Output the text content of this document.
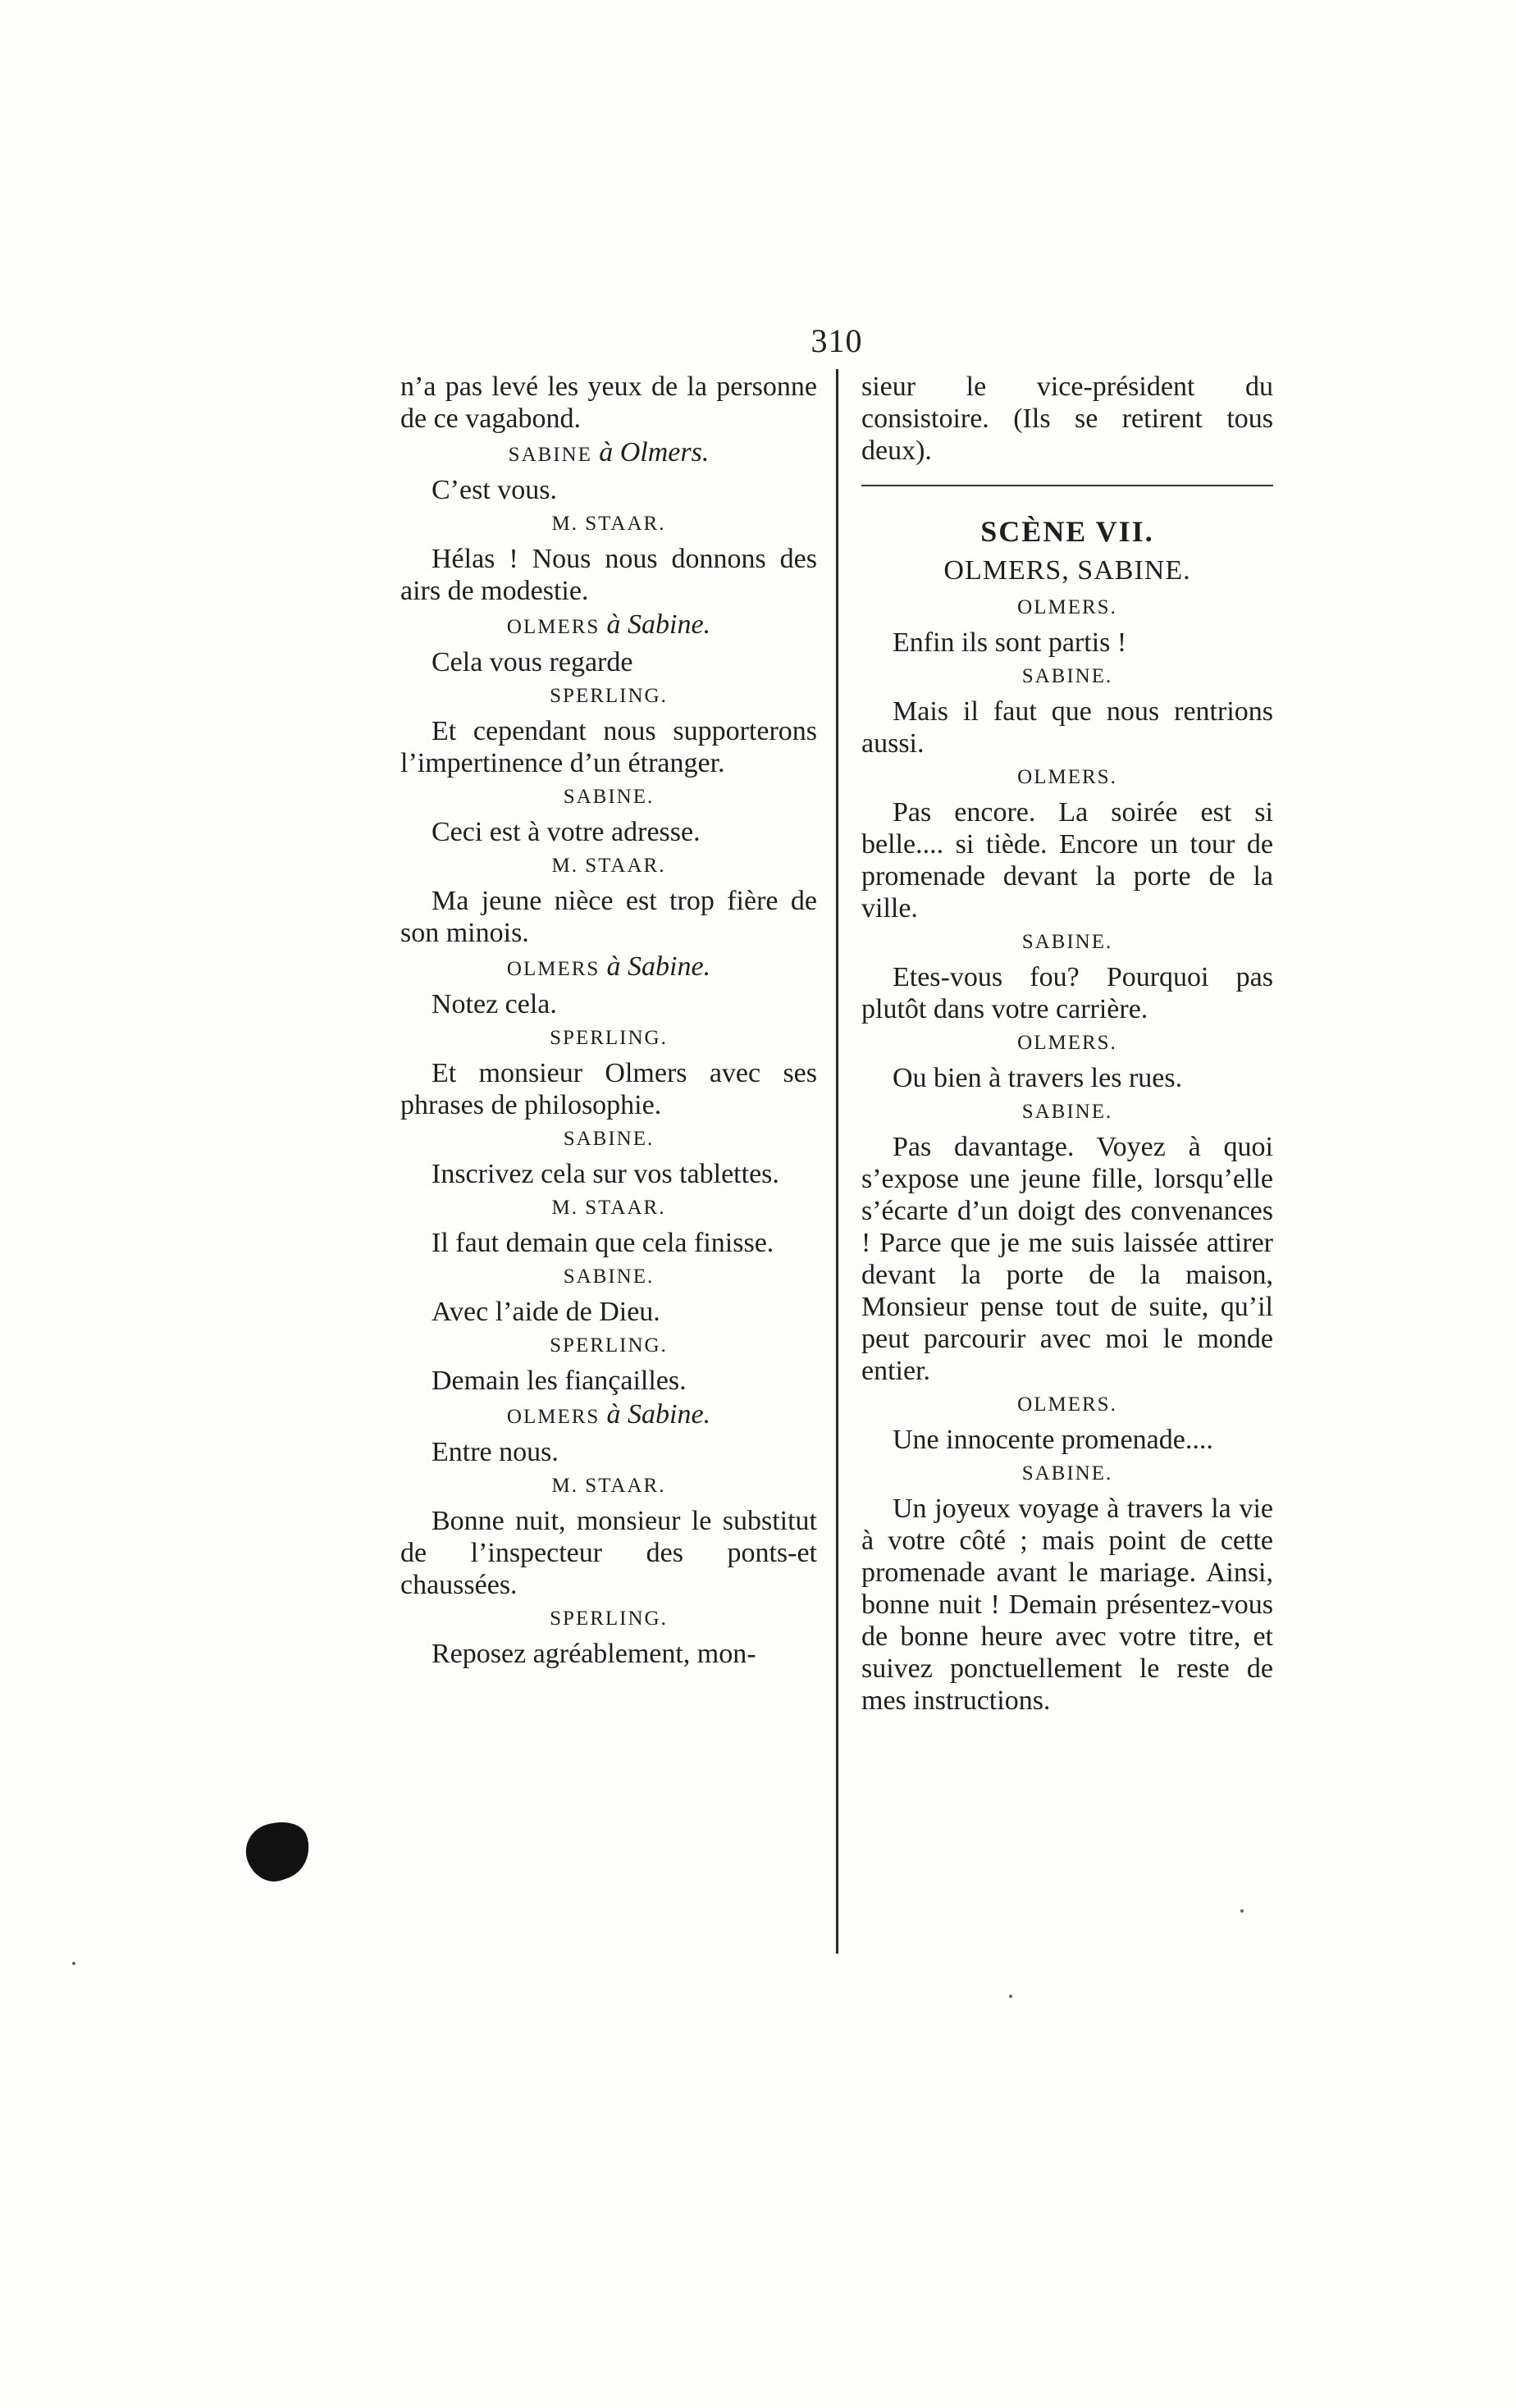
310
n’a pas levé les yeux de la personne de ce vagabond.
SABINE à Olmers.
C’est vous.
M. STAAR.
Hélas ! Nous nous donnons des airs de modestie.
OLMERS à Sabine.
Cela vous regarde
SPERLING.
Et cependant nous supporterons l’impertinence d’un étranger.
SABINE.
Ceci est à votre adresse.
M. STAAR.
Ma jeune nièce est trop fière de son minois.
OLMERS à Sabine.
Notez cela.
SPERLING.
Et monsieur Olmers avec ses phrases de philosophie.
SABINE.
Inscrivez cela sur vos tablettes.
M. STAAR.
Il faut demain que cela finisse.
SABINE.
Avec l’aide de Dieu.
SPERLING.
Demain les fiançailles.
OLMERS à Sabine.
Entre nous.
M. STAAR.
Bonne nuit, monsieur le substitut de l’inspecteur des ponts-et chaussées.
SPERLING.
Reposez agréablement, mon-
sieur le vice-président du consistoire. (Ils se retirent tous deux).
SCÈNE VII.
OLMERS, SABINE.
OLMERS.
Enfin ils sont partis !
SABINE.
Mais il faut que nous rentrions aussi.
OLMERS.
Pas encore. La soirée est si belle.... si tiède. Encore un tour de promenade devant la porte de la ville.
SABINE.
Etes-vous fou? Pourquoi pas plutôt dans votre carrière.
OLMERS.
Ou bien à travers les rues.
SABINE.
Pas davantage. Voyez à quoi s’expose une jeune fille, lorsqu’elle s’écarte d’un doigt des convenances ! Parce que je me suis laissée attirer devant la porte de la maison, Monsieur pense tout de suite, qu’il peut parcourir avec moi le monde entier.
OLMERS.
Une innocente promenade....
SABINE.
Un joyeux voyage à travers la vie à votre côté ; mais point de cette promenade avant le mariage. Ainsi, bonne nuit ! Demain présentez-vous de bonne heure avec votre titre, et suivez ponctuellement le reste de mes instructions.
